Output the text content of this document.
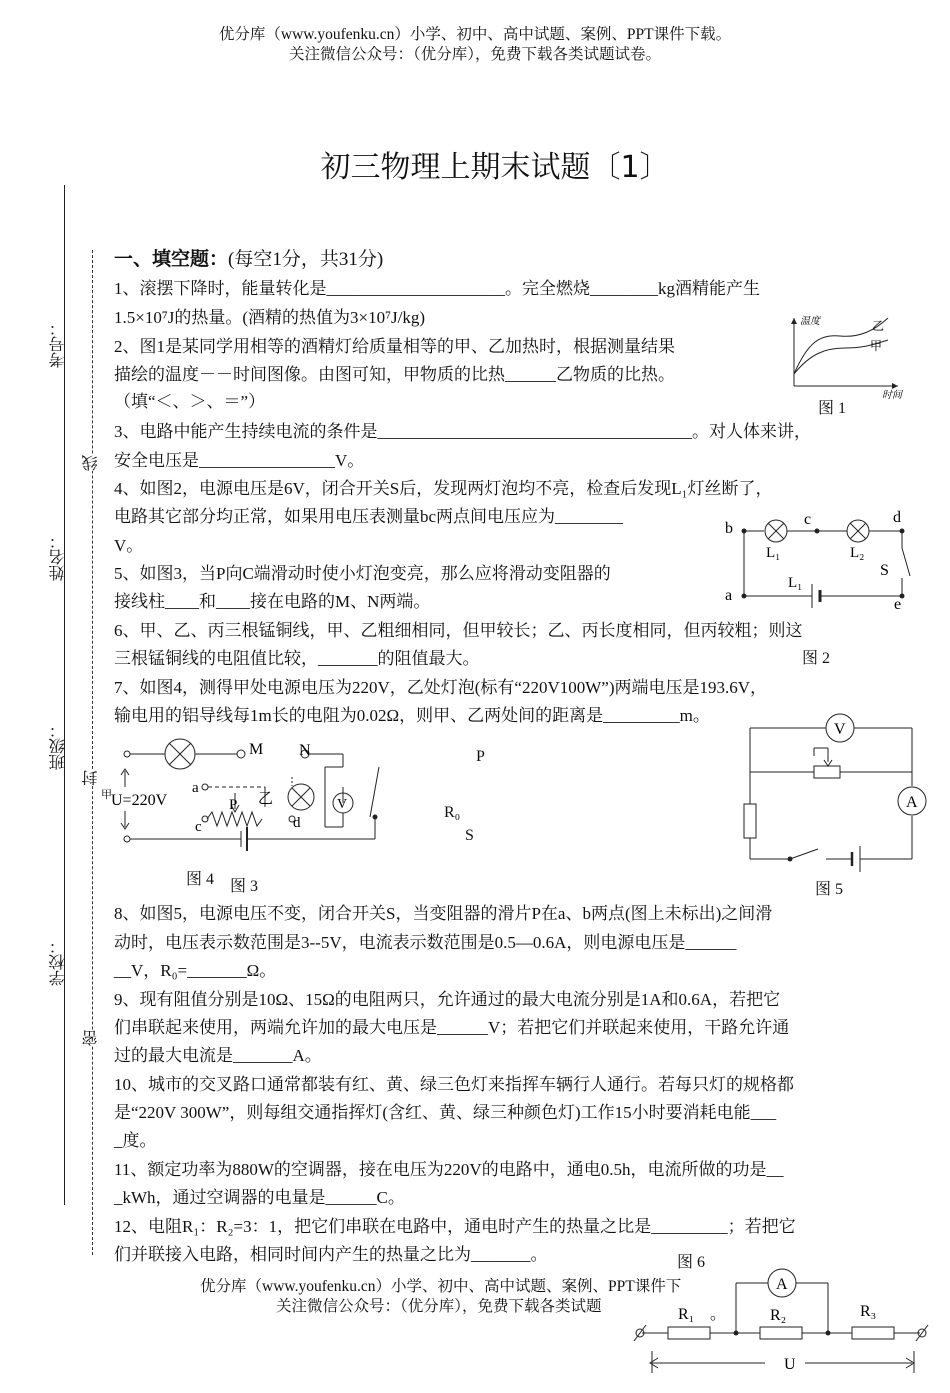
优分库（www.youfenku.cn）小学、初中、高中试题、案例、PPT课件下载。
关注微信公众号：（优分库），免费下载各类试题试卷。
初三物理上期末试题〔1〕
考号：
姓名：
班级：
学校：
线
封
密
一、填空题：(每空1分，共31分)
1、滚摆下降时，能量转化是_____________________。完全燃烧________kg酒精能产生
1.5×10⁷J的热量。(酒精的热值为3×10⁷J/kg)
2、图1是某同学用相等的酒精灯给质量相等的甲、乙加热时，根据测量结果
描绘的温度－－时间图像。由图可知，甲物质的比热______乙物质的比热。
（填“＜、＞、＝”）
3、电路中能产生持续电流的条件是_____________________________________。对人体来讲，
安全电压是________________V。
4、如图2，电源电压是6V，闭合开关S后，发现两灯泡均不亮，检查后发现L₁灯丝断了，
电路其它部分均正常，如果用电压表测量bc两点间电压应为________
V。
5、如图3，当P向C端滑动时使小灯泡变亮，那么应将滑动变阻器的
接线柱____和____接在电路的M、N两端。
6、甲、乙、丙三根锰铜线，甲、乙粗细相同，但甲较长；乙、丙长度相同，但丙较粗；则这
三根锰铜线的电阻值比较，_______的阻值最大。
7、如图4，测得甲处电源电压为220V，乙处灯泡(标有“220V100W”)两端电压是193.6V，
输电用的铝导线每1m长的电阻为0.02Ω，则甲、乙两处间的距离是_________m。
8、如图5，电源电压不变，闭合开关S，当变阻器的滑片P在a、b两点(图上未标出)之间滑
动时，电压表示数范围是3--5V，电流表示数范围是0.5—0.6A，则电源电压是______
__V，R₀=_______Ω。
9、现有阻值分别是10Ω、15Ω的电阻两只，允许通过的最大电流分别是1A和0.6A，若把它
们串联起来使用，两端允许加的最大电压是______V；若把它们并联起来使用，干路允许通
过的最大电流是_______A。
10、城市的交叉路口通常都装有红、黄、绿三色灯来指挥车辆行人通行。若每只灯的规格都
是“220V 300W”，则每组交通指挥灯(含红、黄、绿三种颜色灯)工作15小时要消耗电能___
_度。
11、额定功率为880W的空调器，接在电压为220V的电路中，通电0.5h，电流所做的功是__
_kWh，通过空调器的电量是______C。
12、电阻R₁：R₂=3：1，把它们串联在电路中，通电时产生的热量之比是_________；若把它
们并联接入电路，相同时间内产生的热量之比为_______。
温度
时间
乙
甲
图 1
b
a
c	d
e
L₁	L₂
L₁
S
图 2
M N
a
P 乙
c	d
V
U=220V
甲
图 4 图 3
P
R₀
S
V
A
图 5
图 6
A
R₁ 。	R₂	R₃
U
优分库（www.youfenku.cn）小学、初中、高中试题、案例、PPT课件下
关注微信公众号：（优分库），免费下载各类试题
